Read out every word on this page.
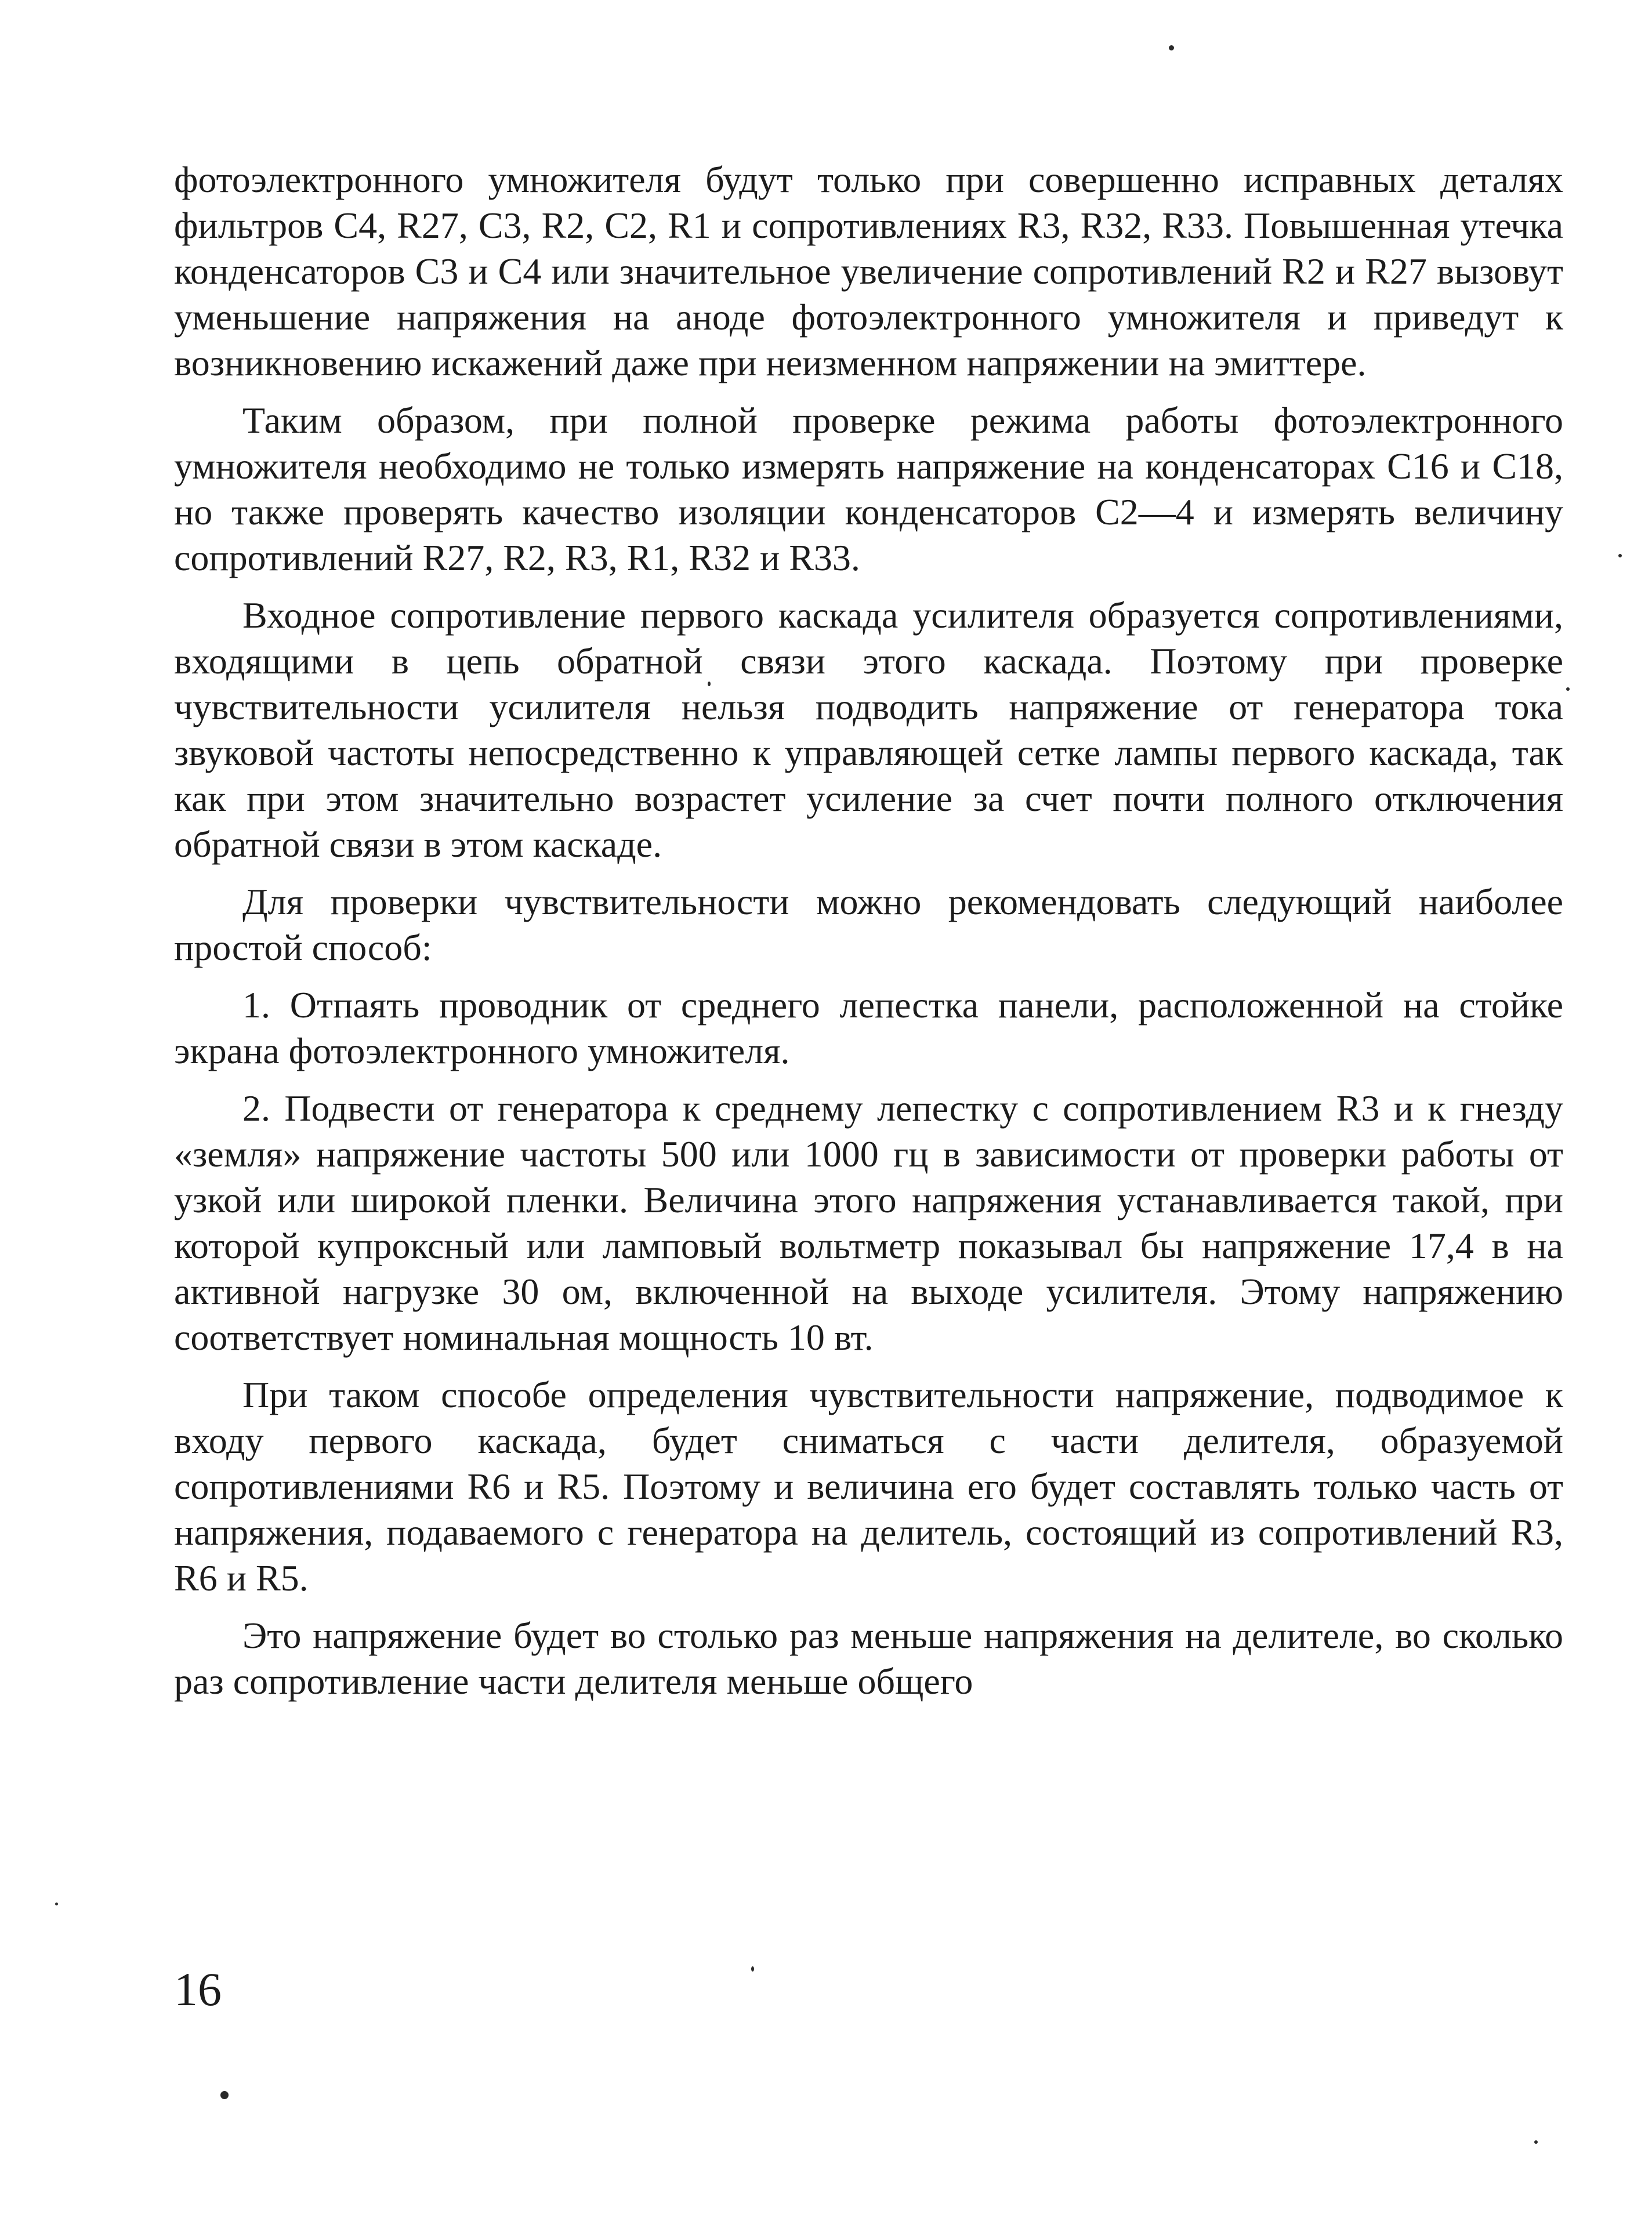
фотоэлектронного умножителя будут только при совершенно исправных деталях фильтров C4, R27, C3, R2, C2, R1 и сопротивлениях R3, R32, R33. Повышенная утечка конденсаторов C3 и C4 или значительное увеличение сопротивлений R2 и R27 вызовут уменьшение напряжения на аноде фотоэлектронного умножителя и приведут к возникновению искажений даже при неизменном напряжении на эмиттере.

Таким образом, при полной проверке режима работы фотоэлектронного умножителя необходимо не только измерять напряжение на конденсаторах C16 и C18, но также проверять качество изоляции конденсаторов C2—4 и измерять величину сопротивлений R27, R2, R3, R1, R32 и R33.

Входное сопротивление первого каскада усилителя образуется сопротивлениями, входящими в цепь обратной связи этого каскада. Поэтому при проверке чувствительности усилителя нельзя подводить напряжение от генератора тока звуковой частоты непосредственно к управляющей сетке лампы первого каскада, так как при этом значительно возрастет усиление за счет почти полного отключения обратной связи в этом каскаде.

Для проверки чувствительности можно рекомендовать следующий наиболее простой способ:

1. Отпаять проводник от среднего лепестка панели, расположенной на стойке экрана фотоэлектронного умножителя.

2. Подвести от генератора к среднему лепестку с сопротивлением R3 и к гнезду «земля» напряжение частоты 500 или 1000 гц в зависимости от проверки работы от узкой или широкой пленки. Величина этого напряжения устанавливается такой, при которой купроксный или ламповый вольтметр показывал бы напряжение 17,4 в на активной нагрузке 30 ом, включенной на выходе усилителя. Этому напряжению соответствует номинальная мощность 10 вт.

При таком способе определения чувствительности напряжение, подводимое к входу первого каскада, будет сниматься с части делителя, образуемой сопротивлениями R6 и R5. Поэтому и величина его будет составлять только часть от напряжения, подаваемого с генератора на делитель, состоящий из сопротивлений R3, R6 и R5.

Это напряжение будет во столько раз меньше напряжения на делителе, во сколько раз сопротивление части делителя меньше общего

16
